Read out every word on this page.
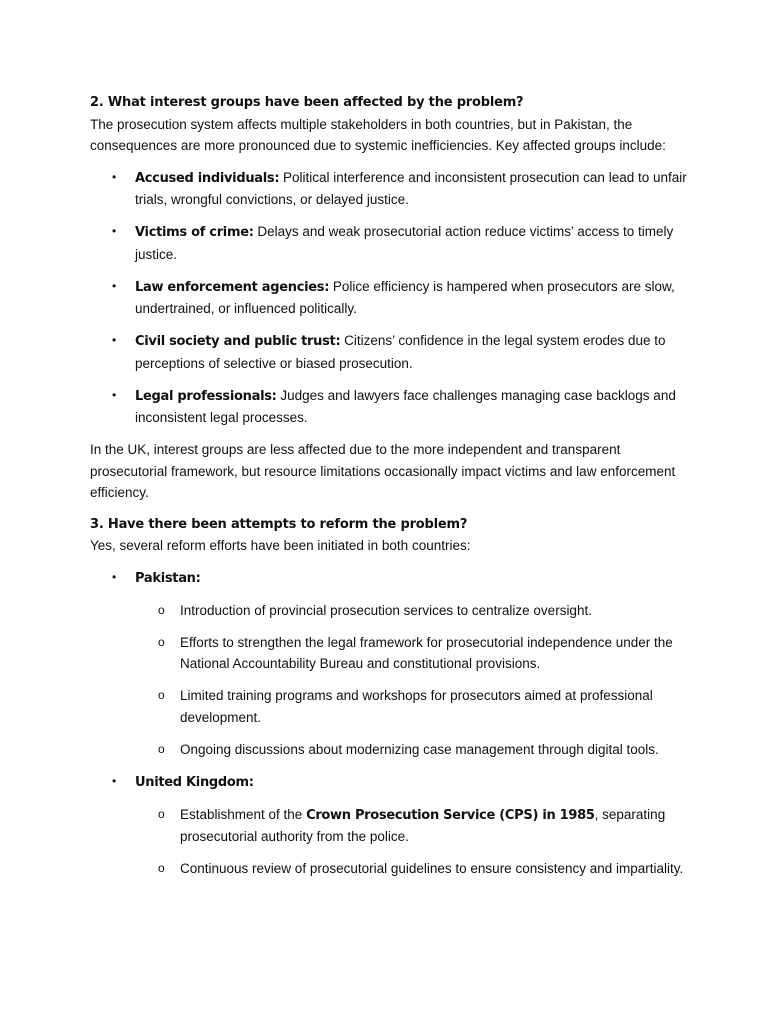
2. What interest groups have been affected by the problem?

The prosecution system affects multiple stakeholders in both countries, but in Pakistan, the consequences are more pronounced due to systemic inefficiencies. Key affected groups include:

• Accused individuals: Political interference and inconsistent prosecution can lead to unfair trials, wrongful convictions, or delayed justice.
• Victims of crime: Delays and weak prosecutorial action reduce victims’ access to timely justice.
• Law enforcement agencies: Police efficiency is hampered when prosecutors are slow, undertrained, or influenced politically.
• Civil society and public trust: Citizens’ confidence in the legal system erodes due to perceptions of selective or biased prosecution.
• Legal professionals: Judges and lawyers face challenges managing case backlogs and inconsistent legal processes.

In the UK, interest groups are less affected due to the more independent and transparent prosecutorial framework, but resource limitations occasionally impact victims and law enforcement efficiency.

3. Have there been attempts to reform the problem?

Yes, several reform efforts have been initiated in both countries:

• Pakistan:
o Introduction of provincial prosecution services to centralize oversight.
o Efforts to strengthen the legal framework for prosecutorial independence under the National Accountability Bureau and constitutional provisions.
o Limited training programs and workshops for prosecutors aimed at professional development.
o Ongoing discussions about modernizing case management through digital tools.
• United Kingdom:
o Establishment of the Crown Prosecution Service (CPS) in 1985, separating prosecutorial authority from the police.
o Continuous review of prosecutorial guidelines to ensure consistency and impartiality.
